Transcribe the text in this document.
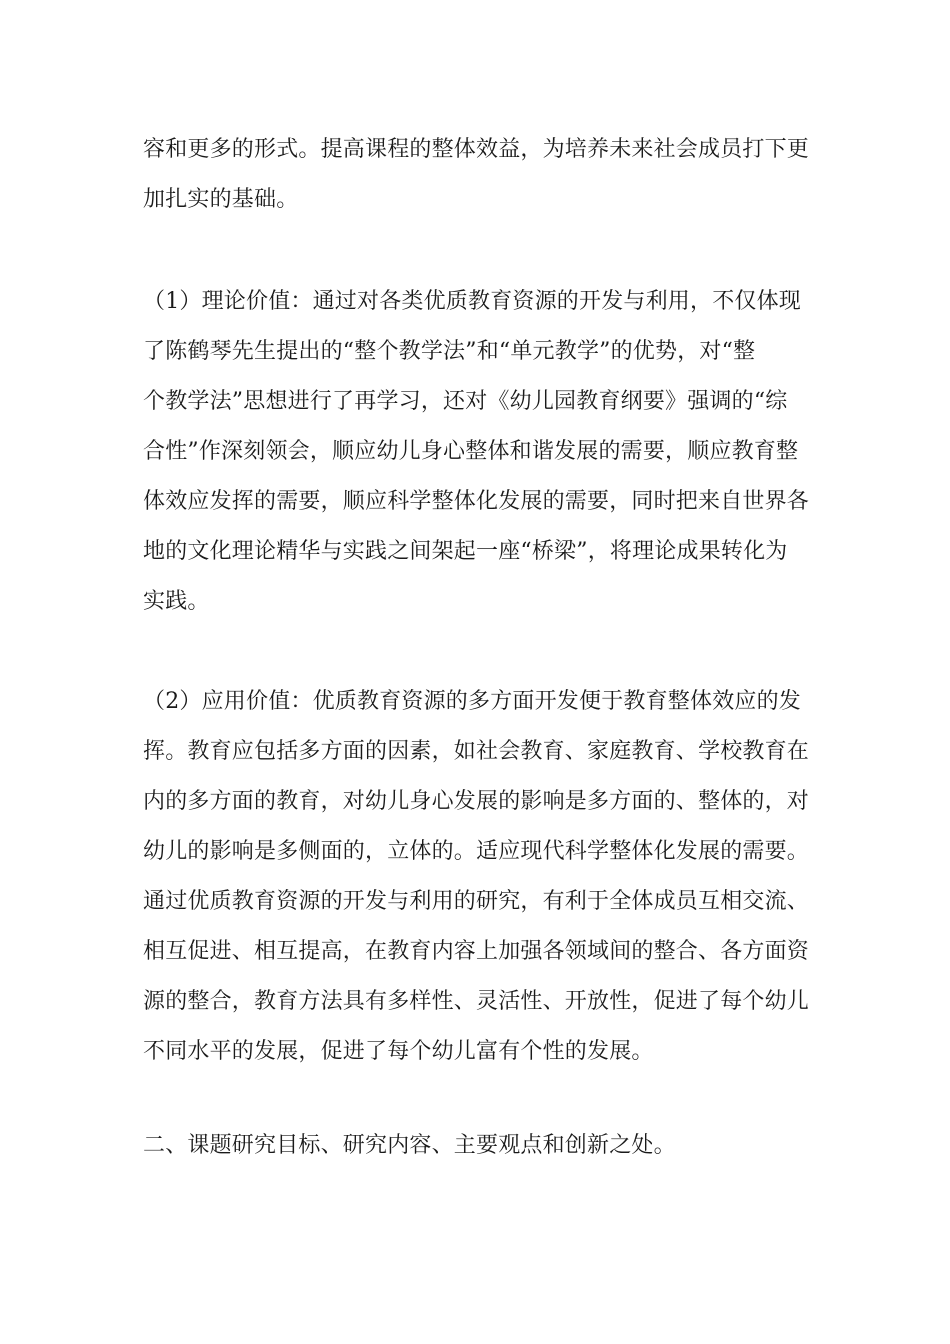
容和更多的形式。提高课程的整体效益，为培养未来社会成员打下更
加扎实的基础。
（1）理论价值：通过对各类优质教育资源的开发与利用，不仅体现
了陈鹤琴先生提出的“整个教学法”和“单元教学”的优势，对“整
个教学法”思想进行了再学习，还对《幼儿园教育纲要》强调的“综
合性”作深刻领会，顺应幼儿身心整体和谐发展的需要，顺应教育整
体效应发挥的需要，顺应科学整体化发展的需要，同时把来自世界各
地的文化理论精华与实践之间架起一座“桥梁”，将理论成果转化为
实践。
（2）应用价值：优质教育资源的多方面开发便于教育整体效应的发
挥。教育应包括多方面的因素，如社会教育、家庭教育、学校教育在
内的多方面的教育，对幼儿身心发展的影响是多方面的、整体的，对
幼儿的影响是多侧面的，立体的。适应现代科学整体化发展的需要。
通过优质教育资源的开发与利用的研究，有利于全体成员互相交流、
相互促进、相互提高，在教育内容上加强各领域间的整合、各方面资
源的整合，教育方法具有多样性、灵活性、开放性，促进了每个幼儿
不同水平的发展，促进了每个幼儿富有个性的发展。
二、课题研究目标、研究内容、主要观点和创新之处。
